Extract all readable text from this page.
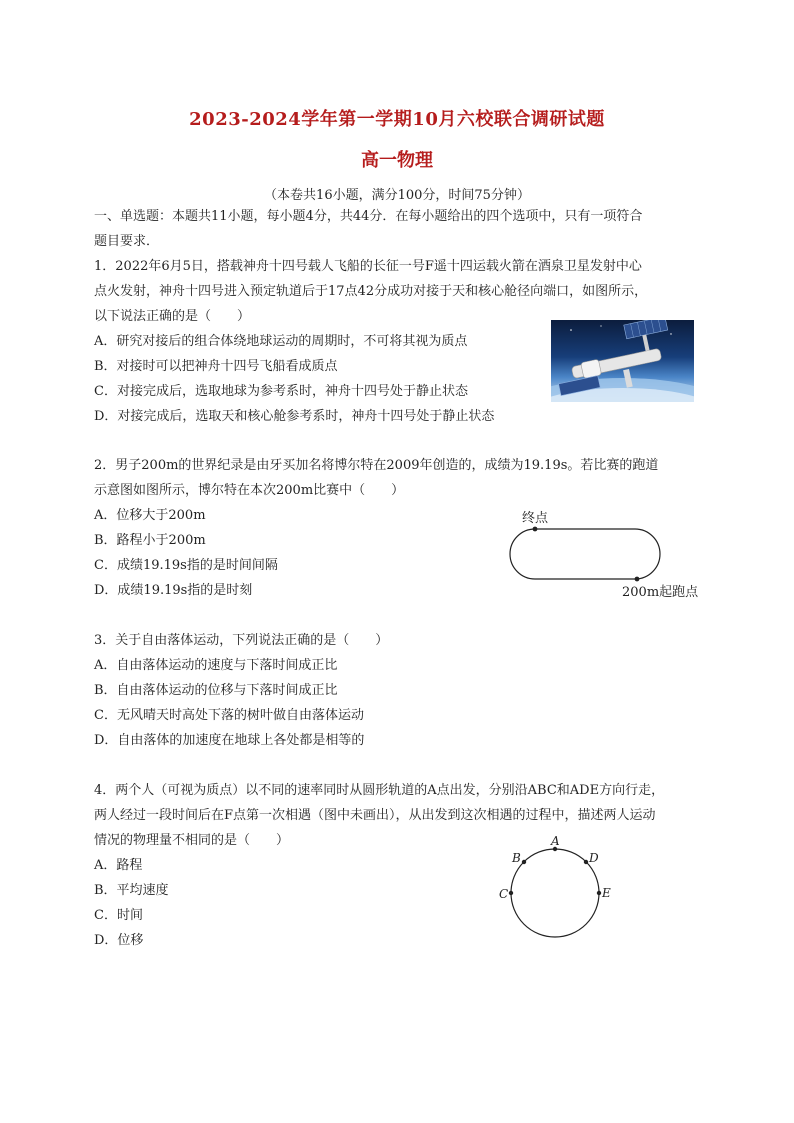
2023-2024学年第一学期10月六校联合调研试题
高一物理
（本卷共16小题，满分100分，时间75分钟）
一、单选题：本题共11小题，每小题4分，共44分．在每小题给出的四个选项中，只有一项符合
题目要求．
1．2022年6月5日，搭载神舟十四号载人飞船的长征一号F遥十四运载火箭在酒泉卫星发射中心
点火发射，神舟十四号进入预定轨道后于17点42分成功对接于天和核心舱径向端口，如图所示，
以下说法正确的是（　　）
A．研究对接后的组合体绕地球运动的周期时，不可将其视为质点
B．对接时可以把神舟十四号飞船看成质点
C．对接完成后，选取地球为参考系时，神舟十四号处于静止状态
D．对接完成后，选取天和核心舱参考系时，神舟十四号处于静止状态
2．男子200m的世界纪录是由牙买加名将博尔特在2009年创造的，成绩为19.19s。若比赛的跑道
示意图如图所示，博尔特在本次200m比赛中（　　）
A．位移大于200m
B．路程小于200m
C．成绩19.19s指的是时间间隔
D．成绩19.19s指的是时刻
终点
200m起跑点
3．关于自由落体运动，下列说法正确的是（　　）
A．自由落体运动的速度与下落时间成正比
B．自由落体运动的位移与下落时间成正比
C．无风晴天时高处下落的树叶做自由落体运动
D．自由落体的加速度在地球上各处都是相等的
4．两个人（可视为质点）以不同的速率同时从圆形轨道的A点出发，分别沿ABC和ADE方向行走，
两人经过一段时间后在F点第一次相遇（图中未画出），从出发到这次相遇的过程中，描述两人运动
情况的物理量不相同的是（　　）
A．路程
B．平均速度
C．时间
D．位移
A
B
C
D
E
